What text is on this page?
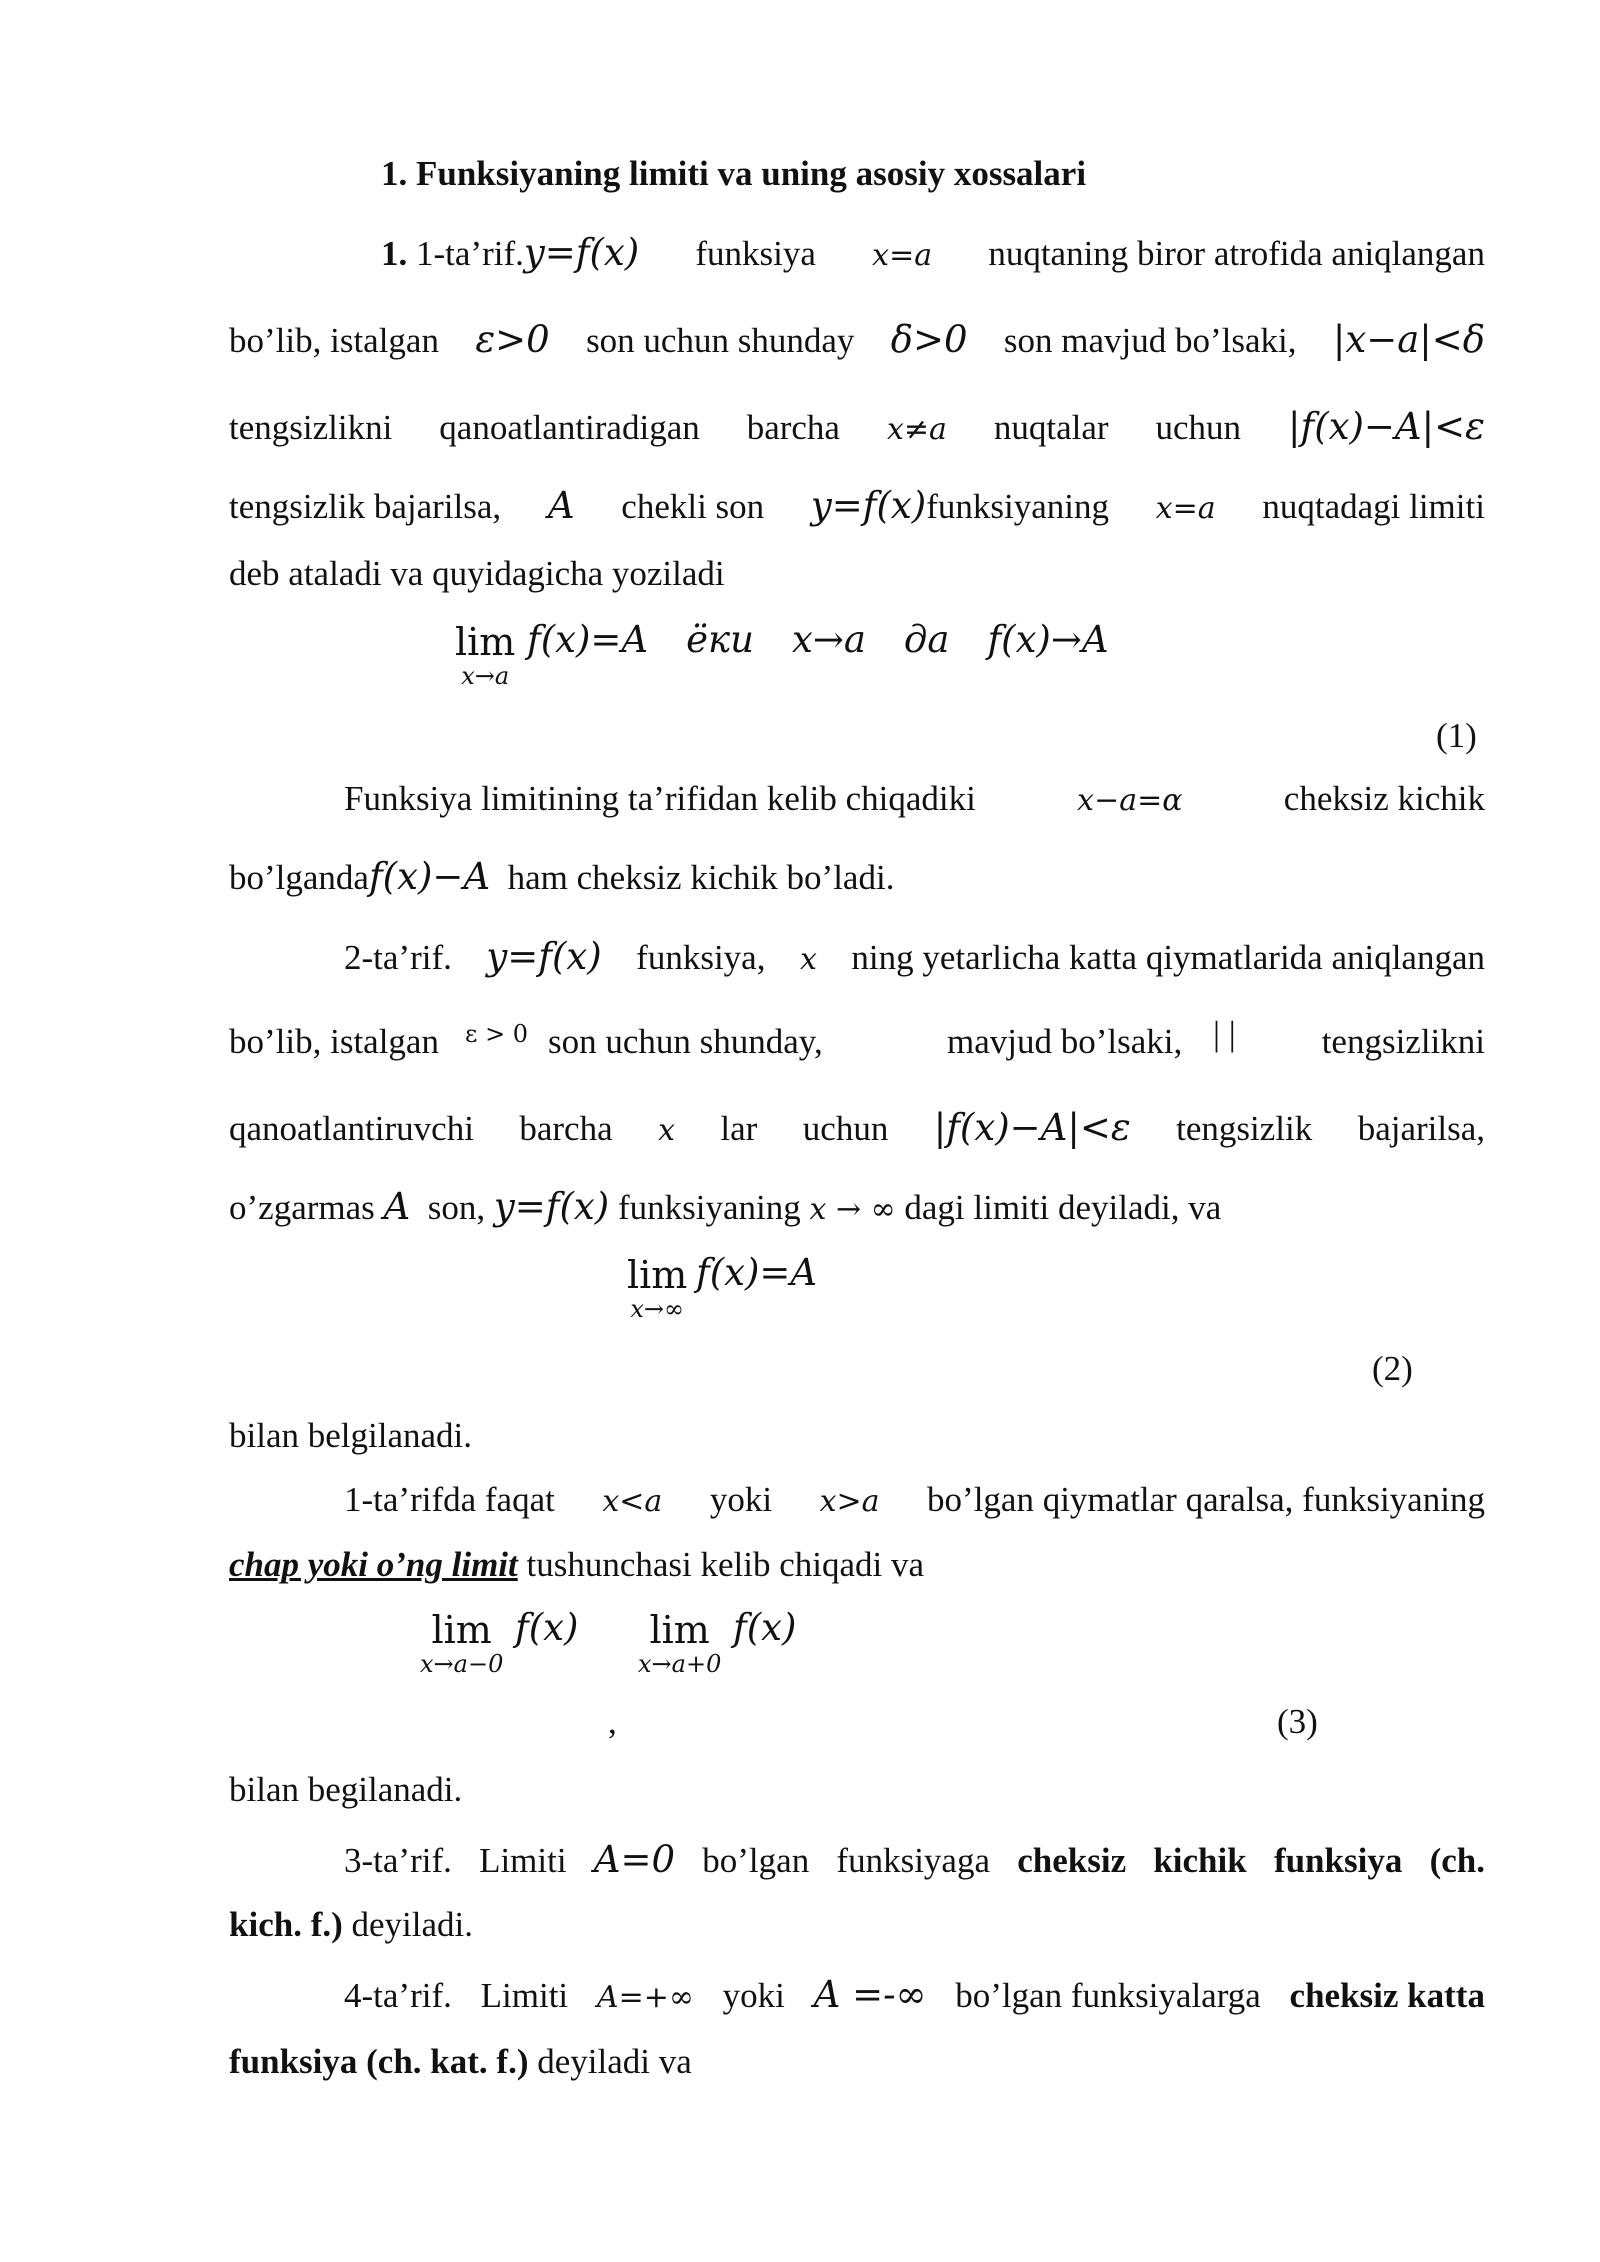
1. Funksiyaning limiti va uning asosiy xossalari
1. 1-ta’rif.y=f(x) funksiya x=a nuqtaning biror atrofida aniqlangan
bo’lib, istalgan ε>0 son uchun shunday δ>0 son mavjud bo’lsaki, |x−a|<δ
tengsizlikni qanoatlantiradigan barcha x≠a nuqtalar uchun |f(x)−A|<ε
tengsizlik bajarilsa, A chekli son y=f(x)funksiyaning x=a nuqtadagi limiti
deb ataladi va quyidagicha yoziladi
lim
x→a
f(x)=A ёки x→a да f(x)→A
(1)
Funksiya limitining ta’rifidan kelib chiqadiki	x−a=α	cheksiz kichik
bo’lgandaf(x)−A ham cheksiz kichik bo’ladi.
2-ta’rif. y=f(x) funksiya, x ning yetarlicha katta qiymatlarida aniqlangan
bo’lib, istalgan ε > 0 son uchun shunday,	mavjud bo’lsaki, | | tengsizlikni
qanoatlantiruvchi barcha x lar uchun |f(x)−A|<ε tengsizlik bajarilsa,
o’zgarmas A son, y=f(x) funksiyaning x → ∞ dagi limiti deyiladi, va
lim
x→∞
f(x)=A
(2)
bilan belgilanadi.
1-ta’rifda faqat x<a yoki x>a bo’lgan qiymatlar qaralsa, funksiyaning
chap yoki o’ng limit tushunchasi kelib chiqadi va
lim
x→a−0
f(x)	lim
x→a+0
f(x)
,	(3)
bilan begilanadi.
3-ta’rif. Limiti A=0 bo’lgan funksiyaga cheksiz kichik funksiya (ch.
kich. f.) deyiladi.
4-ta’rif. Limiti A=+∞ yoki A =-∞ bo’lgan funksiyalarga cheksiz katta
funksiya (ch. kat. f.) deyiladi va
